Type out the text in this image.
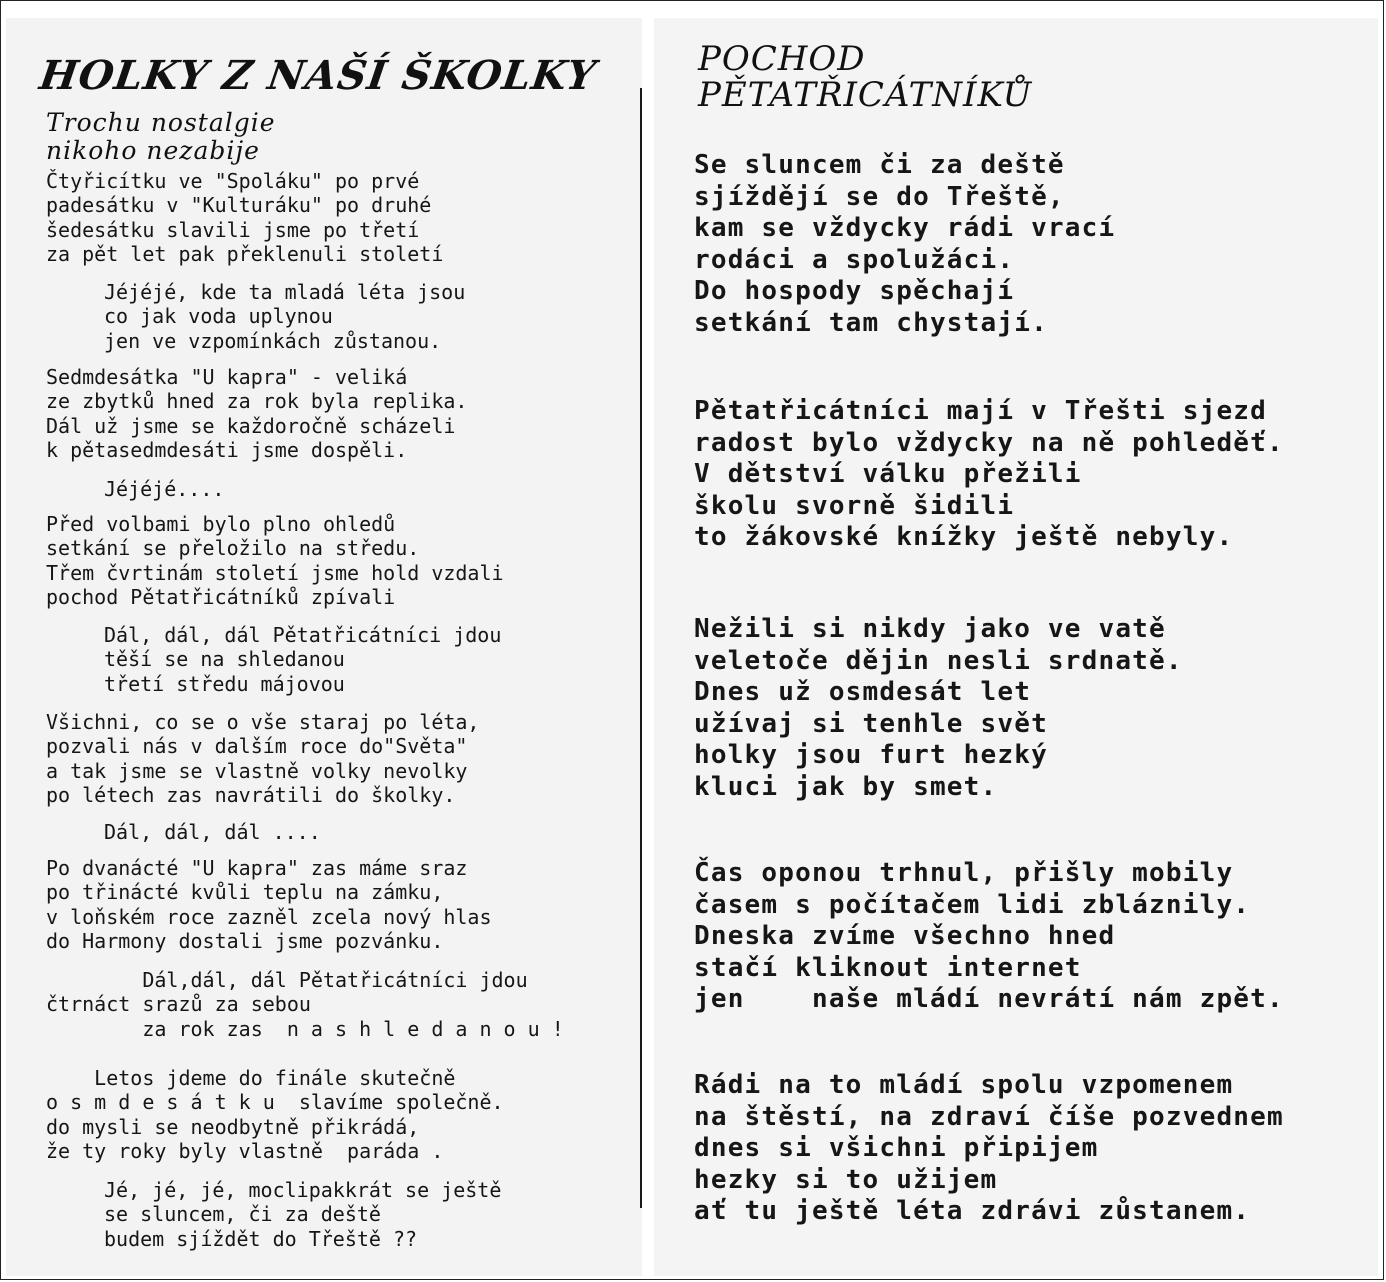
HOLKY Z NAŠÍ ŠKOLKY
Trochu nostalgie
nikoho nezabije
Čtyřicítku ve "Spoláku" po prvé
padesátku v "Kulturáku" po druhé
šedesátku slavili jsme po třetí
za pět let pak překlenuli století
Jéjéjé, kde ta mladá léta jsou
co jak voda uplynou
jen ve vzpomínkách zůstanou.
Sedmdesátka "U kapra" - veliká
ze zbytků hned za rok byla replika.
Dál už jsme se každoročně scházeli
k pětasedmdesáti jsme dospěli.
Jéjéjé....
Před volbami bylo plno ohledů
setkání se přeložilo na středu.
Třem čvrtinám století jsme hold vzdali
pochod Pětatřicátníků zpívali
Dál, dál, dál Pětatřicátníci jdou
těší se na shledanou
třetí středu májovou
Všichni, co se o vše staraj po léta,
pozvali nás v dalším roce do"Světa"
a tak jsme se vlastně volky nevolky
po létech zas navrátili do školky.
Dál, dál, dál ....
Po dvanácté "U kapra" zas máme sraz
po třinácté kvůli teplu na zámku,
v loňském roce zazněl zcela nový hlas
do Harmony dostali jsme pozvánku.
Dál,dál, dál Pětatřicátníci jdou
čtrnáct srazů za sebou
za rok zas  n a s h l e d a n o u !
Letos jdeme do finále skutečně
o s m d e s á t k u  slavíme společně.
do mysli se neodbytně přikrádá,
že ty roky byly vlastně  paráda .
Jé, jé, jé, moclipakkrát se ještě
se sluncem, či za deště
budem sjíždět do Třeště ??
POCHOD
PĚTATŘICÁTNÍKŮ
Se sluncem či za deště
sjíždějí se do Třeště,
kam se vždycky rádi vrací
rodáci a spolužáci.
Do hospody spěchají
setkání tam chystají.
Pětatřicátníci mají v Třešti sjezd
radost bylo vždycky na ně pohleděť.
V dětství válku přežili
školu svorně šidili
to žákovské knížky ještě nebyly.
Nežili si nikdy jako ve vatě
veletoče dějin nesli srdnatě.
Dnes už osmdesát let
užívaj si tenhle svět
holky jsou furt hezký
kluci jak by smet.
Čas oponou trhnul, přišly mobily
časem s počítačem lidi zbláznily.
Dneska zvíme všechno hned
stačí kliknout internet
jen    naše mládí nevrátí nám zpět.
Rádi na to mládí spolu vzpomenem
na štěstí, na zdraví číše pozvednem
dnes si všichni připijem
hezky si to užijem
ať tu ještě léta zdrávi zůstanem.
